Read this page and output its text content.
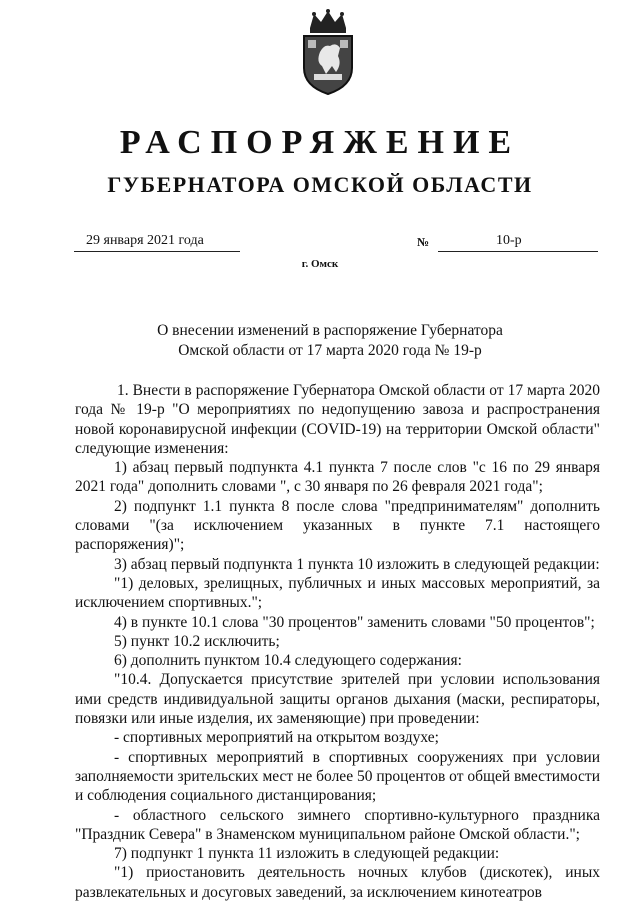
РАСПОРЯЖЕНИЕ
ГУБЕРНАТОРА ОМСКОЙ ОБЛАСТИ
29 января 2021 года	№	10-р
г. Омск
О внесении изменений в распоряжение Губернатора
Омской области от 17 марта 2020 года № 19-р

1. Внести в распоряжение Губернатора Омской области от 17 марта 2020 года № 19-р "О мероприятиях по недопущению завоза и распространения новой коронавирусной инфекции (COVID-19) на территории Омской области" следующие изменения:

1) абзац первый подпункта 4.1 пункта 7 после слов "с 16 по 29 января 2021 года" дополнить словами ", с 30 января по 26 февраля 2021 года";

2) подпункт 1.1 пункта 8 после слова "предпринимателям" дополнить словами "(за исключением указанных в пункте 7.1 настоящего распоряжения)";

3) абзац первый подпункта 1 пункта 10 изложить в следующей редакции:

"1) деловых, зрелищных, публичных и иных массовых мероприятий, за исключением спортивных.";

4) в пункте 10.1 слова "30 процентов" заменить словами "50 процентов";

5) пункт 10.2 исключить;

6) дополнить пунктом 10.4 следующего содержания:

"10.4. Допускается присутствие зрителей при условии использования ими средств индивидуальной защиты органов дыхания (маски, респираторы, повязки или иные изделия, их заменяющие) при проведении:

- спортивных мероприятий на открытом воздухе;

- спортивных мероприятий в спортивных сооружениях при условии заполняемости зрительских мест не более 50 процентов от общей вместимости и соблюдения социального дистанцирования;

- областного сельского зимнего спортивно-культурного праздника "Праздник Севера" в Знаменском муниципальном районе Омской области.";

7) подпункт 1 пункта 11 изложить в следующей редакции:

"1) приостановить деятельность ночных клубов (дискотек), иных развлекательных и досуговых заведений, за исключением кинотеатров
